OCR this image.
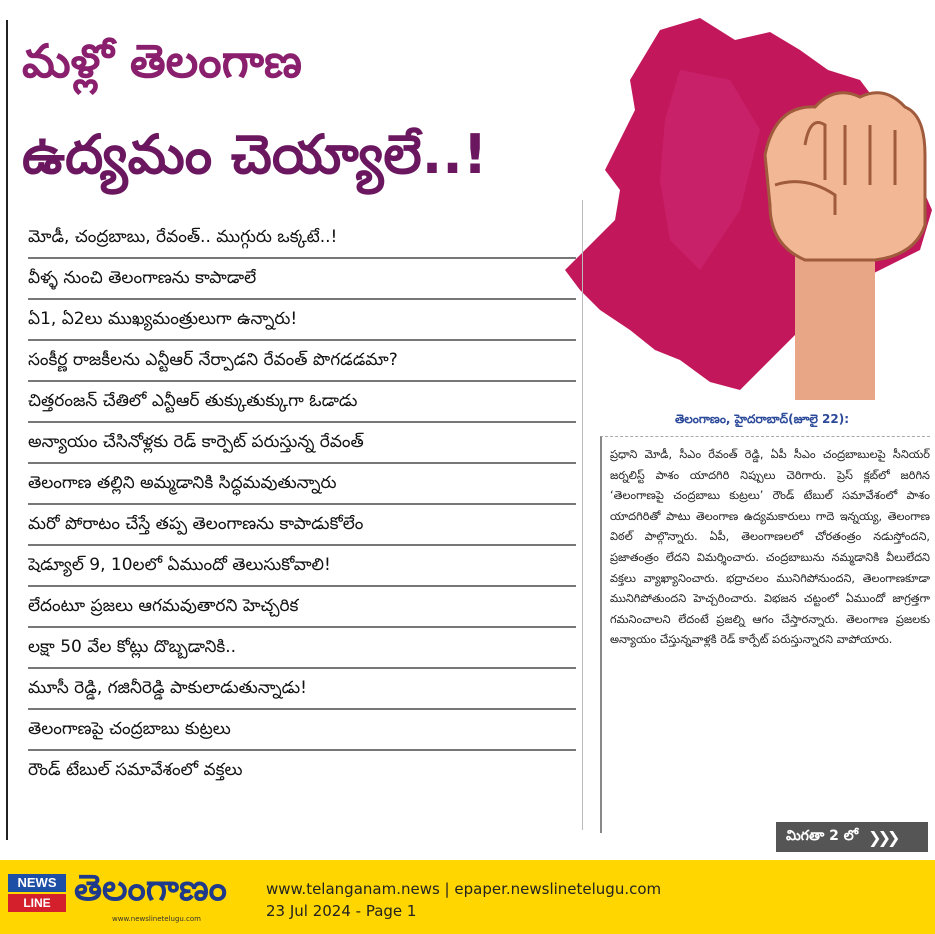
మళ్లో తెలంగాణ
ఉద్యమం చెయ్యాలే..!
మోడీ, చంద్రబాబు, రేవంత్.. ముగ్గురు ఒక్కటే..!
వీళ్ళ నుంచి తెలంగాణను కాపాడాలే
ఏ1, ఏ2లు ముఖ్యమంత్రులుగా ఉన్నారు!
సంకీర్ణ రాజకీలను ఎన్టీఆర్ నేర్పాడని రేవంత్ పొగడడమా?
చిత్తరంజన్ చేతిలో ఎన్టీఆర్ తుక్కుతుక్కుగా ఓడాడు
అన్యాయం చేసినోళ్లకు రెడ్ కార్పెట్ పరుస్తున్న రేవంత్
తెలంగాణ తల్లిని అమ్మడానికి సిద్ధమవుతున్నారు
మరో పోరాటం చేస్తే తప్ప తెలంగాణను కాపాడుకోలేం
షెడ్యూల్ 9, 10లలో ఏముందో తెలుసుకోవాలి!
లేదంటూ ప్రజలు ఆగమవుతారని హెచ్చరిక
లక్షా 50 వేల కోట్లు దొబ్బడానికి..
మూసీ రెడ్డి, గజినీరెడ్డి పాకులాడుతున్నాడు!
తెలంగాణపై చంద్రబాబు కుట్రలు
రౌండ్ టేబుల్ సమావేశంలో వక్తలు
తెలంగాణం, హైదరాబాద్(జూలై 22):
ప్రధాని మోడీ, సీఎం రేవంత్ రెడ్డి, ఏపీ సీఎం చంద్రబాబులపై సీనియర్ జర్నలిస్ట్ పాశం యాదగిరి నిప్పులు చెరిగారు. ప్రెస్ క్లబ్‌లో జరిగిన ‘తెలంగాణపై చంద్రబాబు కుట్రలు’ రౌండ్ టేబుల్ సమావేశంలో పాశం యాదగిరితో పాటు తెలంగాణ ఉద్యమకారులు గాదె ఇన్నయ్య, తెలంగాణ విఠల్ పాల్గొన్నారు. ఏపీ, తెలంగాణలలో చోరతంత్రం నడుస్తోందని, ప్రజాతంత్రం లేదని విమర్శించారు. చంద్రబాబును నమ్మడానికి వీలులేదని వక్తలు వ్యాఖ్యానించారు. భద్రాచలం మునిగిపోనుందని, తెలంగాణకూడా మునిగిపోతుందని హెచ్చరించారు. విభజన చట్టంలో ఏముందో జాగ్రత్తగా గమనించాలని లేదంటే ప్రజల్ని ఆగం చేస్తారన్నారు. తెలంగాణ ప్రజలకు అన్యాయం చేస్తున్నవాళ్లకి రెడ్ కార్పేట్ పరుస్తున్నారని వాపోయారు.
మిగతా 2 లో ❯❯❯
NEWS
LINE తెలంగాణం
www.newslinetelugu.com
www.telanganam.news | epaper.newslinetelugu.com
23 Jul 2024 - Page 1
